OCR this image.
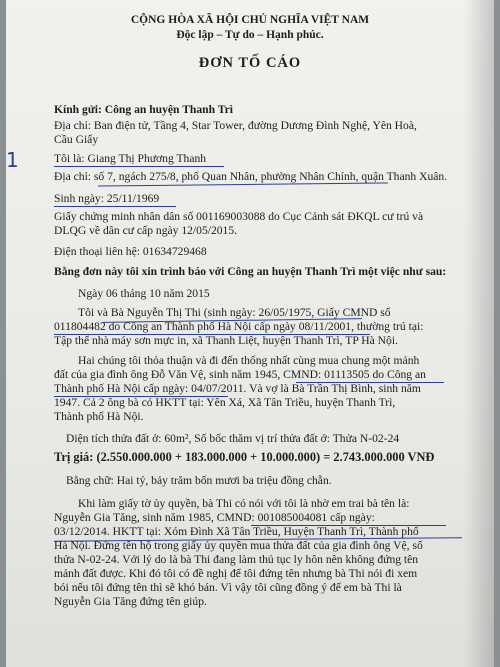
CỘNG HÒA XÃ HỘI CHỦ NGHĨA VIỆT NAM
Độc lập – Tự do – Hạnh phúc.
ĐƠN TỐ CÁO
Kính gửi: Công an huyện Thanh Trì
Địa chỉ: Ban điện tử, Tầng 4, Star Tower, đường Dương Đình Nghệ, Yên Hoà,
Cầu Giấy
1	Tôi là: Giang Thị Phương Thanh
Địa chỉ: số 7, ngách 275/8, phố Quan Nhân, phường Nhân Chính, quận Thanh Xuân.
Sinh ngày: 25/11/1969
Giấy chứng minh nhân dân số 001169003088 do Cục Cảnh sát ĐKQL cư trú và
DLQG về dân cư cấp ngày 12/05/2015.
Điện thoại liên hệ: 01634729468
Bằng đơn này tôi xin trình báo với Công an huyện Thanh Trì một việc như sau:
Ngày 06 tháng 10 năm 2015
Tôi và Bà Nguyễn Thị Thi (sinh ngày: 26/05/1975, Giấy CMND số
011804482 do Công an Thành phố Hà Nội cấp ngày 08/11/2001, thường trú tại:
Tập thể nhà máy sơn mực in, xã Thanh Liệt, huyện Thanh Trì, TP Hà Nội.
Hai chúng tôi thỏa thuận và đi đến thống nhất cùng mua chung một mảnh
đất của gia đình ông Đỗ Văn Vệ, sinh năm 1945, CMND: 01113505 do Công an
Thành phố Hà Nội cấp ngày: 04/07/2011. Và vợ là Bà Trần Thị Bình, sinh năm
1947. Cả 2 ông bà có HKTT tại: Yên Xá, Xã Tân Triều, huyện Thanh Trì,
Thành phố Hà Nội.
Diện tích thửa đất ở: 60m², Số bốc thăm vị trí thửa đất ở: Thửa N-02-24
Trị giá: (2.550.000.000 + 183.000.000 + 10.000.000) = 2.743.000.000 VNĐ
Bằng chữ: Hai tỷ, bảy trăm bốn mươi ba triệu đồng chẵn.
Khi làm giấy tờ ủy quyền, bà Thi có nói với tôi là nhờ em trai bà tên là:
Nguyễn Gia Tăng, sinh năm 1985, CMND: 001085004081 cấp ngày:
03/12/2014. HKTT tại: Xóm Đình Xã Tân Triều, Huyện Thanh Trì, Thành phố
Hà Nội. Đứng tên hộ trong giấy ủy quyền mua thửa đất của gia đình ông Vệ, số
thửa N-02-24. Với lý do là bà Thi đang làm thủ tục ly hôn nên không đứng tên
mảnh đất được. Khi đó tôi có đề nghị để tôi đứng tên nhưng bà Thi nói đi xem
bói nếu tôi đứng tên thì sẽ khó bán. Vì vậy tôi cũng đồng ý để em bà Thi là
Nguyễn Gia Tăng đứng tên giúp.
